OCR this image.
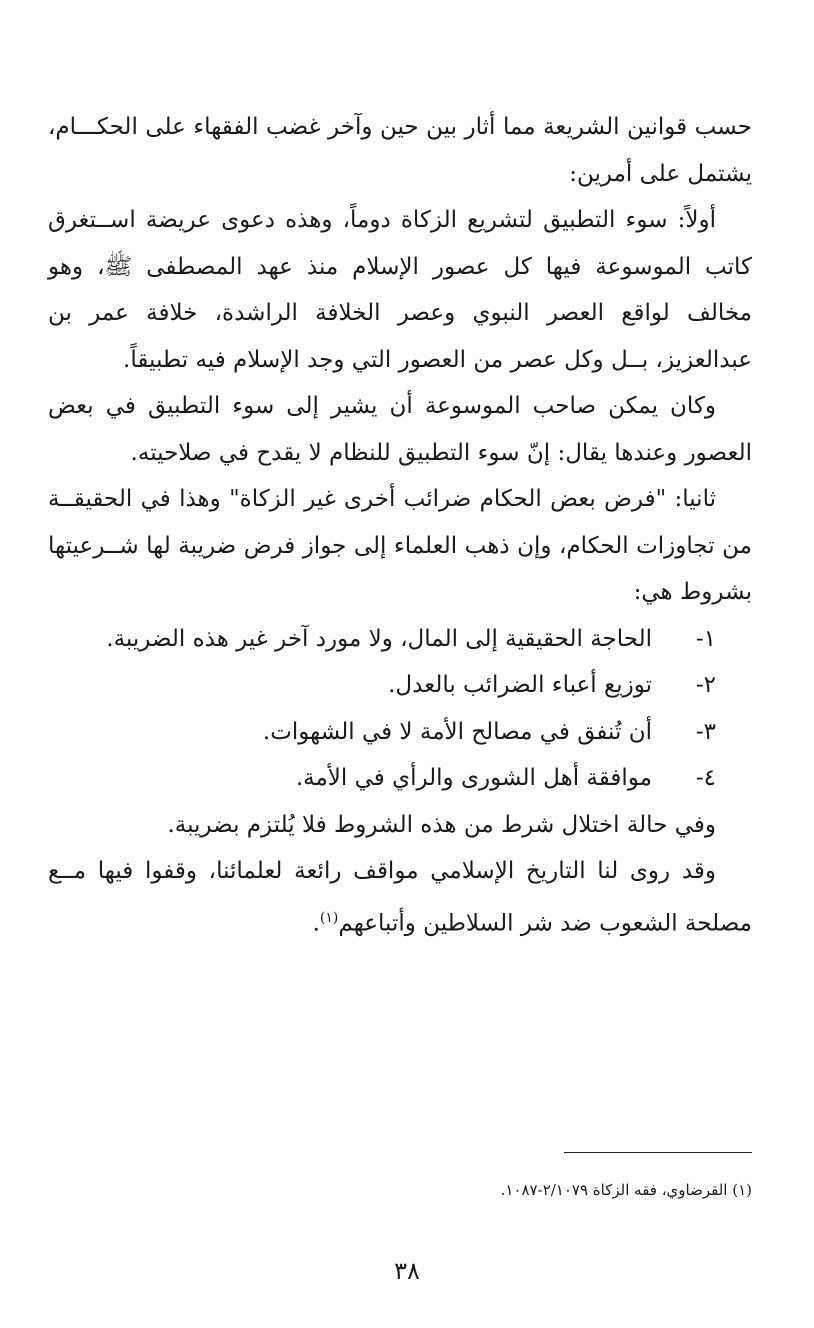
حسب قوانين الشريعة مما أثار بين حين وآخر غضب الفقهاء على الحكـــام، يشتمل على أمرين:

أولاً: سوء التطبيق لتشريع الزكاة دوماً، وهذه دعوى عريضة اســتغرق كاتب الموسوعة فيها كل عصور الإسلام منذ عهد المصطفى ﷺ، وهو مخالف لواقع العصر النبوي وعصر الخلافة الراشدة، خلافة عمر بن عبدالعزيز، بــل وكل عصر من العصور التي وجد الإسلام فيه تطبيقاً.

وكان يمكن صاحب الموسوعة أن يشير إلى سوء التطبيق في بعض العصور وعندها يقال: إنّ سوء التطبيق للنظام لا يقدح في صلاحيته.

ثانيا: "فرض بعض الحكام ضرائب أخرى غير الزكاة" وهذا في الحقيقــة من تجاوزات الحكام، وإن ذهب العلماء إلى جواز فرض ضريبة لها شــرعيتها بشروط هي:

١-
الحاجة الحقيقية إلى المال، ولا مورد آخر غير هذه الضريبة.
٢-
توزيع أعباء الضرائب بالعدل.
٣-
أن تُنفق في مصالح الأمة لا في الشهوات.
٤-
موافقة أهل الشورى والرأي في الأمة.

وفي حالة اختلال شرط من هذه الشروط فلا يُلتزم بضريبة.

وقد روى لنا التاريخ الإسلامي مواقف رائعة لعلمائنا، وقفوا فيها مــع مصلحة الشعوب ضد شر السلاطين وأتباعهم$^{(١)}$.

(١) القرضاوي، فقه الزكاة ٢/١٠٧٩-١٠٨٧.
٣٨
